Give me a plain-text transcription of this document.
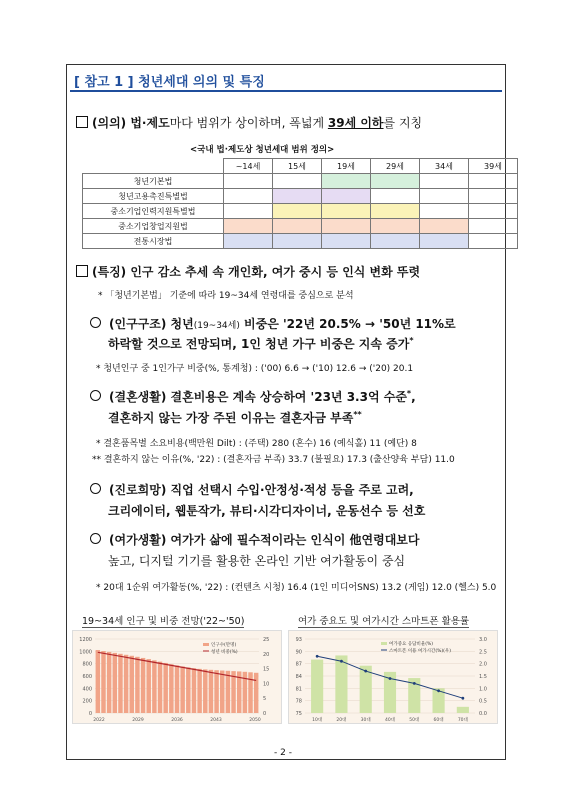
[ 참고 1 ] 청년세대 의의 및 특징
(의의) 법·제도마다 범위가 상이하며, 폭넓게 39세 이하를 지칭
<국내 법·제도상 청년세대 범위 정의>
	~14세	15세	19세	29세	34세	39세
청년기본법						
청년고용촉진특별법						
중소기업인력지원특별법						
중소기업창업지원법						
전통시장법						
(특징) 인구 감소 추세 속 개인화, 여가 중시 등 인식 변화 뚜렷
* 「청년기본법」 기준에 따라 19~34세 연령대를 중심으로 분석
(인구구조) 청년(19~34세) 비중은 '22년 20.5% → '50년 11%로
하락할 것으로 전망되며, 1인 청년 가구 비중은 지속 증가*
* 청년인구 중 1인가구 비중(%, 통계청) : ('00) 6.6 → ('10) 12.6 → ('20) 20.1
(결혼생활) 결혼비용은 계속 상승하여 '23년 3.3억 수준*,
결혼하지 않는 가장 주된 이유는 결혼자금 부족**
* 결혼품목별 소요비용(백만원 Dilt) : (주택) 280 (혼수) 16 (예식홀) 11 (예단) 8
** 결혼하지 않는 이유(%, '22) : (결혼자금 부족) 33.7 (불필요) 17.3 (출산양육 부담) 11.0
(진로희망) 직업 선택시 수입·안정성·적성 등을 주로 고려,
크리에이터, 웹툰작가, 뷰티·시각디자이너, 운동선수 등 선호
(여가생활) 여가가 삶에 필수적이라는 인식이 他연령대보다
높고, 디지털 기기를 활용한 온라인 기반 여가활동이 중심
* 20대 1순위 여가활동(%, '22) : (컨텐츠 시청) 16.4 (1인 미디어SNS) 13.2 (게임) 12.0 (헬스) 5.0
19~34세 인구 및 비중 전망('22~'50)	여가 중요도 및 여가시간 스마트폰 활용률
0
200
400
600
800
1000
1200
0
5
10
15
20
25
2022	2029	2036	2043	2050
인구수(만명)
청년 비중(%)
75
78
81
84
87
90
93
0.0
0.5
1.0
1.5
2.0
2.5
3.0
10대	20대	30대	40대	50대	60대	70대
여가중요 응답비율(%)
스마트폰 이용 여가시간(%)(우)
- 2 -
